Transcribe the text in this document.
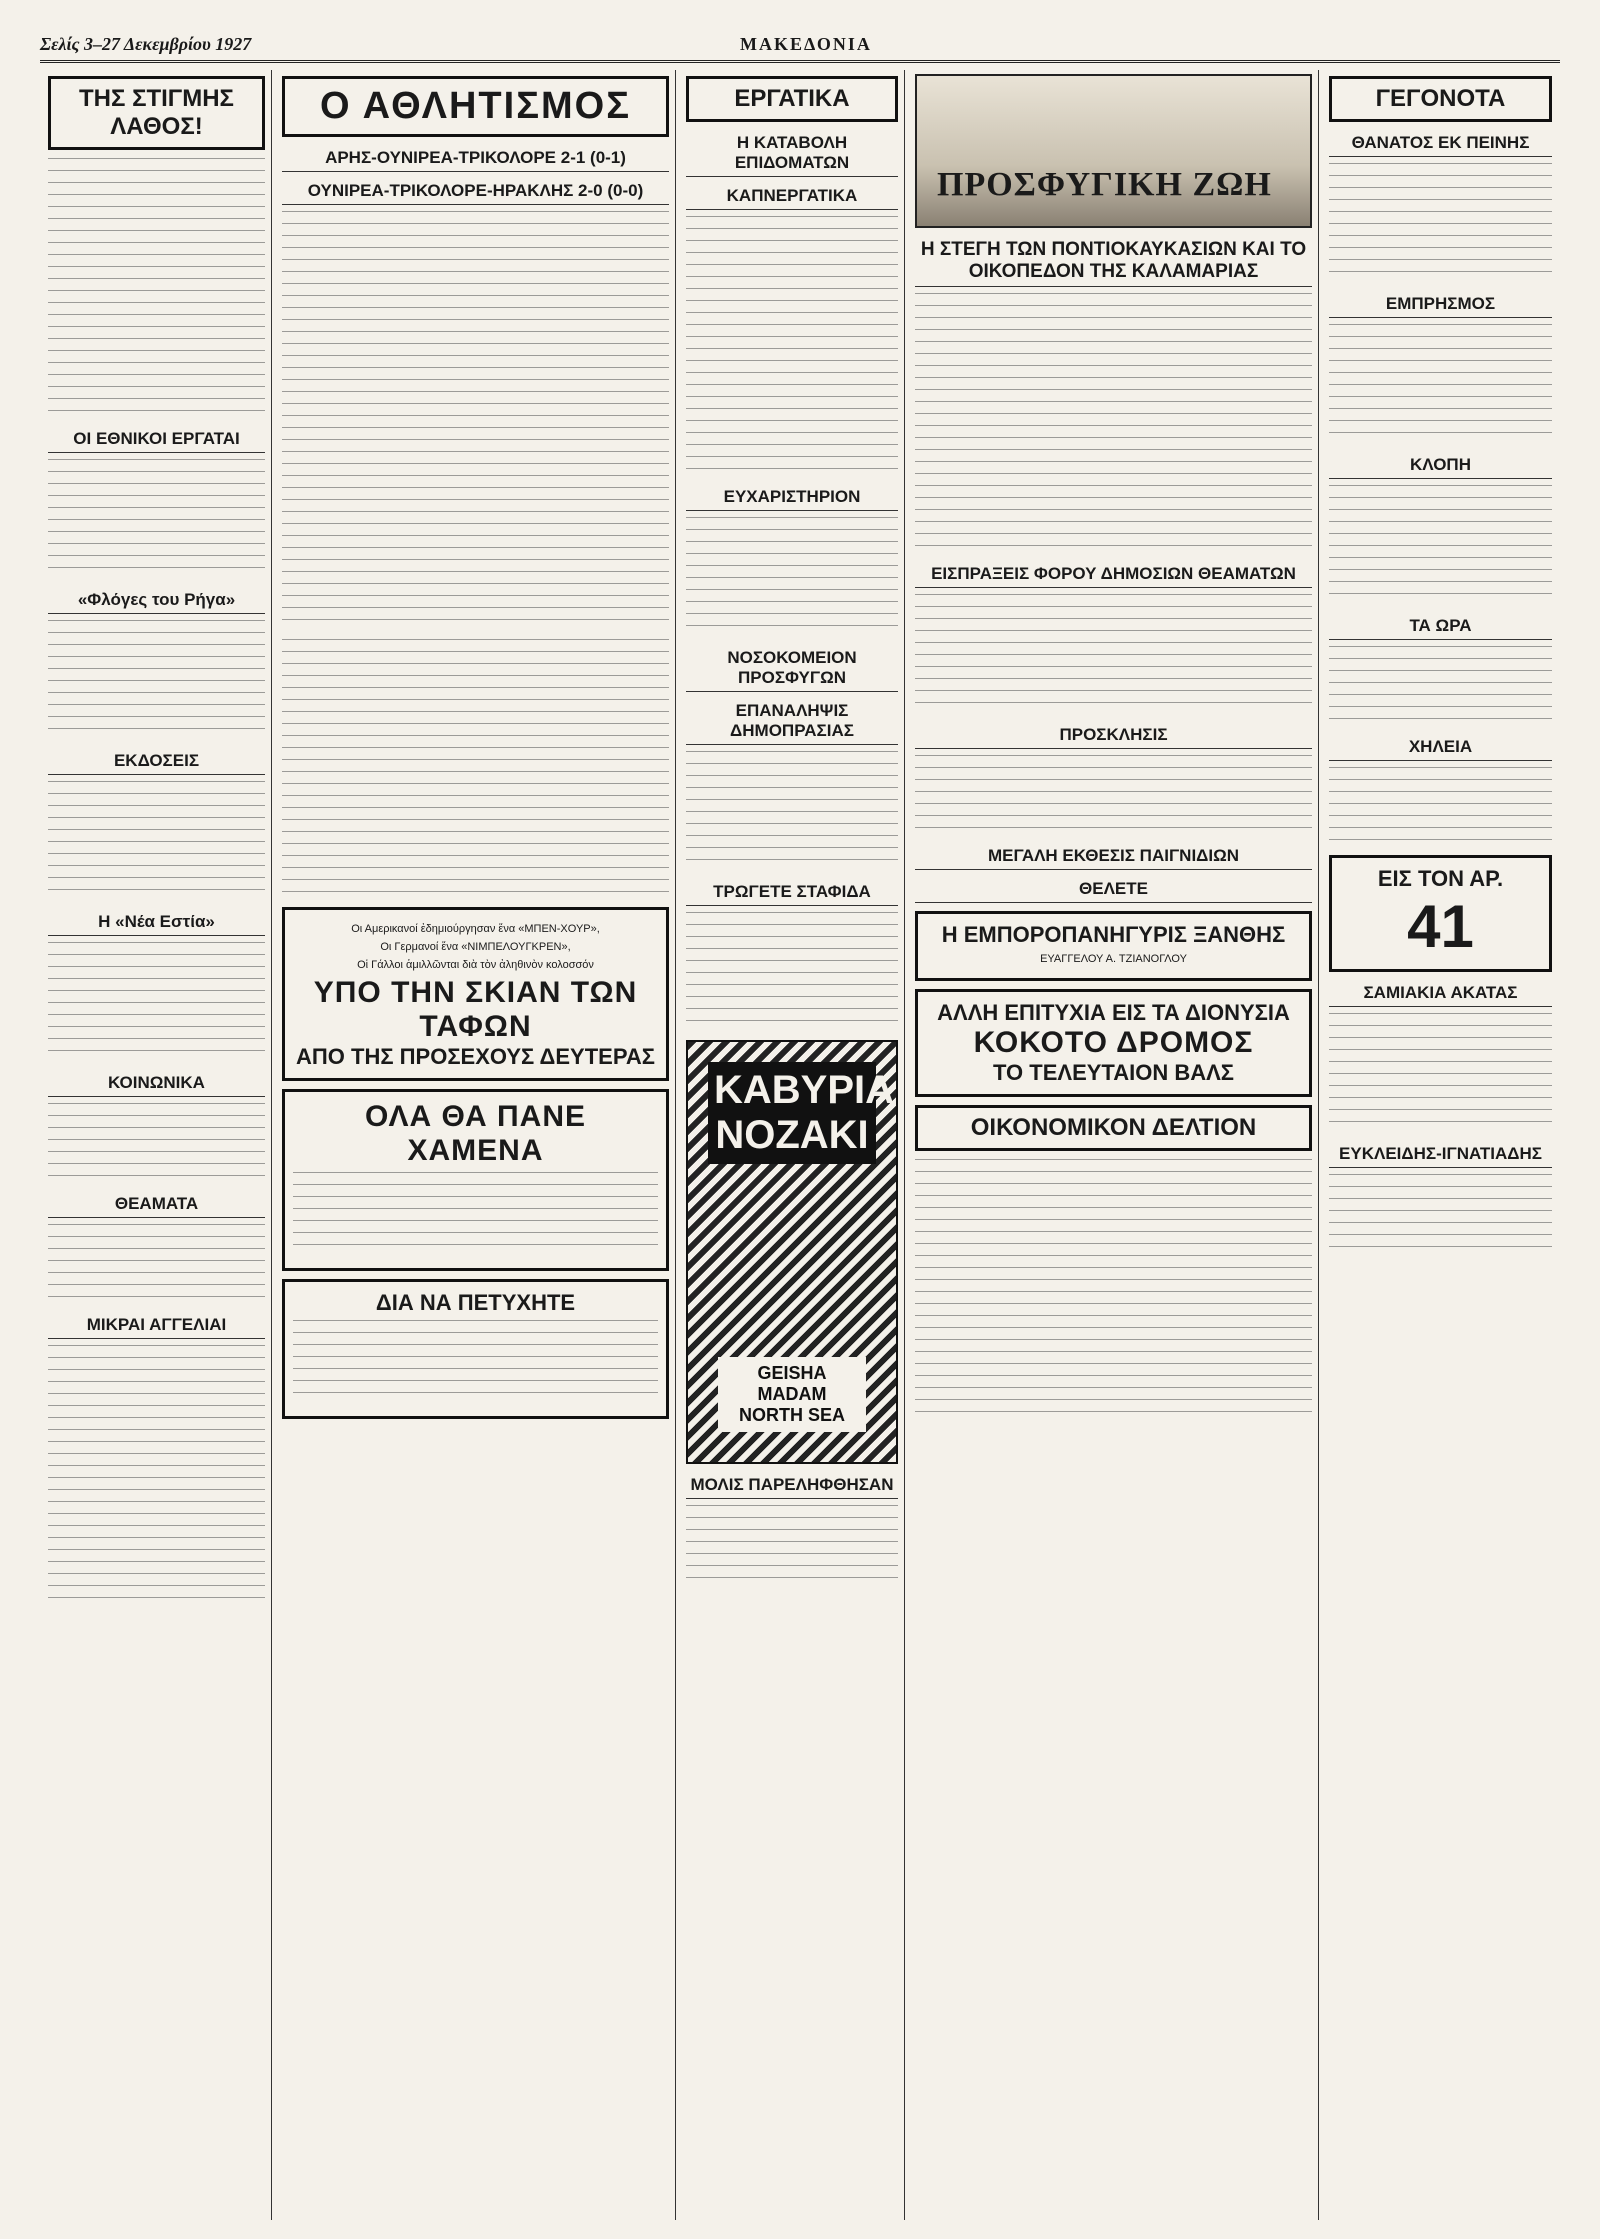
Σελίς 3–27 Δεκεμβρίου 1927	ΜΑΚΕΔΟΝΙΑ
ΤΗΣ ΣΤΙΓΜΗΣ ΛΑΘΟΣ!
ΟΙ ΕΘΝΙΚΟΙ ΕΡΓΑΤΑΙ
«Φλόγες του Ρήγα»
ΕΚΔΟΣΕΙΣ
Η «Νέα Εστία»
ΚΟΙΝΩΝΙΚΑ
ΘΕΑΜΑΤΑ
ΜΙΚΡΑΙ ΑΓΓΕΛΙΑΙ
Ο ΑΘΛΗΤΙΣΜΟΣ
ΑΡΗΣ-ΟΥΝΙΡΕΑ-ΤΡΙΚΟΛΟΡΕ 2-1 (0-1)
ΟΥΝΙΡΕΑ-ΤΡΙΚΟΛΟΡΕ-ΗΡΑΚΛΗΣ 2-0 (0-0)
Οι Αμερικανοί ἐδημιούργησαν ἕνα «ΜΠΕΝ-ΧΟΥΡ»,
Οι Γερμανοί ἕνα «ΝΙΜΠΕΛΟΥΓΚΡΕΝ»,
Οἱ Γάλλοι ἁμιλλῶνται διὰ τὸν ἀληθινὸν κολοσσόν
ΥΠΟ ΤΗΝ ΣΚΙΑΝ ΤΩΝ ΤΑΦΩΝ
ΑΠΟ ΤΗΣ ΠΡΟΣΕΧΟΥΣ ΔΕΥΤΕΡΑΣ
ΟΛΑ ΘΑ ΠΑΝΕ ΧΑΜΕΝΑ
ΔΙΑ ΝΑ ΠΕΤΥΧΗΤΕ
ΕΡΓΑΤΙΚΑ
Η ΚΑΤΑΒΟΛΗ ΕΠΙΔΟΜΑΤΩΝ
ΚΑΠΝΕΡΓΑΤΙΚΑ
ΕΥΧΑΡΙΣΤΗΡΙΟΝ
ΝΟΣΟΚΟΜΕΙΟΝ ΠΡΟΣΦΥΓΩΝ
ΕΠΑΝΑΛΗΨΙΣ ΔΗΜΟΠΡΑΣΙΑΣ
ΤΡΩΓΕΤΕ ΣΤΑΦΙΔΑ
ΚΑΒΥΡΙΑ ΝΟΖΑΚΙ
GEISHA MADAM NORTH SEA
ΜΟΛΙΣ ΠΑΡΕΛΗΦΘΗΣΑΝ
ΠΡΟΣΦΥΓΙΚΗ ΖΩΗ
Η ΣΤΕΓΗ ΤΩΝ ΠΟΝΤΙΟΚΑΥΚΑΣΙΩΝ ΚΑΙ ΤΟ ΟΙΚΟΠΕΔΟΝ ΤΗΣ ΚΑΛΑΜΑΡΙΑΣ
ΕΙΣΠΡΑΞΕΙΣ ΦΟΡΟΥ ΔΗΜΟΣΙΩΝ ΘΕΑΜΑΤΩΝ
ΠΡΟΣΚΛΗΣΙΣ
ΜΕΓΑΛΗ ΕΚΘΕΣΙΣ ΠΑΙΓΝΙΔΙΩΝ
ΘΕΛΕΤΕ
Η ΕΜΠΟΡΟΠΑΝΗΓΥΡΙΣ ΞΑΝΘΗΣ
ΕΥΑΓΓΕΛΟΥ Α. ΤΖΙΑΝΟΓΛΟΥ
ΑΛΛΗ ΕΠΙΤΥΧΙΑ ΕΙΣ ΤΑ ΔΙΟΝΥΣΙΑ
ΚΟΚΟΤΟ ΔΡΟΜΟΣ
ΤΟ ΤΕΛΕΥΤΑΙΟΝ ΒΑΛΣ
ΟΙΚΟΝΟΜΙΚΟΝ ΔΕΛΤΙΟΝ
ΓΕΓΟΝΟΤΑ
ΘΑΝΑΤΟΣ ΕΚ ΠΕΙΝΗΣ
ΕΜΠΡΗΣΜΟΣ
ΚΛΟΠΗ
ΤΑ ΩΡΑ
ΧΗΛΕΙΑ
ΕΙΣ ΤΟΝ ΑΡ.
41
ΣΑΜΙΑΚΙΑ ΑΚΑΤΑΣ
ΕΥΚΛΕΙΔΗΣ-ΙΓΝΑΤΙΑΔΗΣ
